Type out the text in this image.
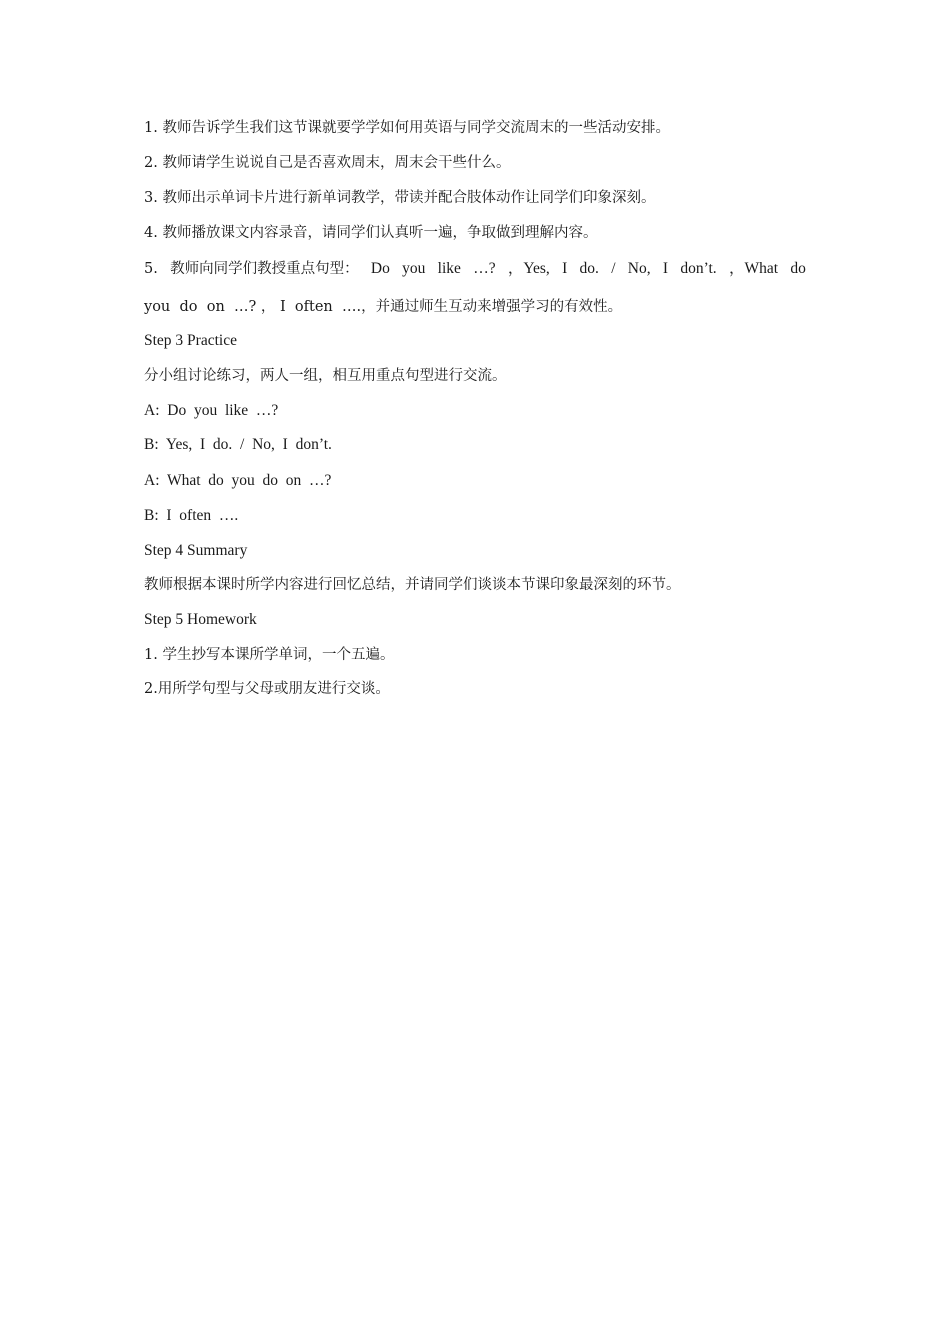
1. 教师告诉学生我们这节课就要学学如何用英语与同学交流周末的一些活动安排。
2. 教师请学生说说自己是否喜欢周末，周末会干些什么。
3. 教师出示单词卡片进行新单词教学，带读并配合肢体动作让同学们印象深刻。
4. 教师播放课文内容录音，请同学们认真听一遍，争取做到理解内容。
5. 教师向同学们教授重点句型： Do you like …? ，Yes, I do. / No, I don’t. ，What do
you  do  on  …? ， I  often  ….，并通过师生互动来增强学习的有效性。
Step 3 Practice
分小组讨论练习，两人一组，相互用重点句型进行交流。
A:  Do  you  like  …?
B:  Yes,  I  do.  /  No,  I  don’t.
A:  What  do  you  do  on  …?
B:  I  often  ….
Step 4 Summary
教师根据本课时所学内容进行回忆总结，并请同学们谈谈本节课印象最深刻的环节。
Step 5 Homework
1. 学生抄写本课所学单词，一个五遍。
2.用所学句型与父母或朋友进行交谈。
